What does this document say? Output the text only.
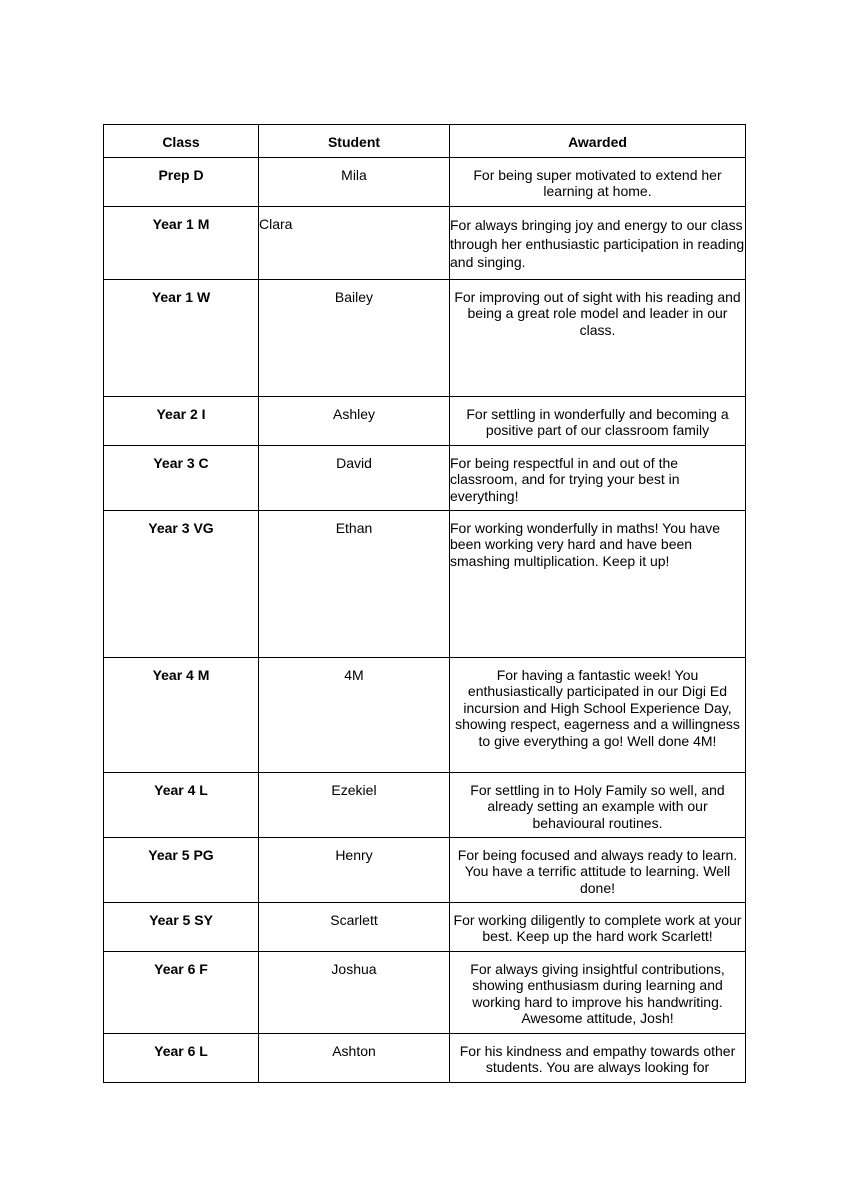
Class	Student	Awarded
Prep D	Mila	For being super motivated to extend her learning at home.
Year 1 M	Clara	For always bringing joy and energy to our class through her enthusiastic participation in reading and singing.
Year 1 W	Bailey	For improving out of sight with his reading and being a great role model and leader in our class.
Year 2 I	Ashley	For settling in wonderfully and becoming a positive part of our classroom family
Year 3 C	David	For being respectful in and out of the classroom, and for trying your best in everything!
Year 3 VG	Ethan	For working wonderfully in maths! You have been working very hard and have been smashing multiplication. Keep it up!
Year 4 M	4M	For having a fantastic week! You enthusiastically participated in our Digi Ed incursion and High School Experience Day, showing respect, eagerness and a willingness to give everything a go! Well done 4M!
Year 4 L	Ezekiel	For settling in to Holy Family so well, and already setting an example with our behavioural routines.
Year 5 PG	Henry	For being focused and always ready to learn. You have a terrific attitude to learning. Well done!
Year 5 SY	Scarlett	For working diligently to complete work at your best. Keep up the hard work Scarlett!
Year 6 F	Joshua	For always giving insightful contributions, showing enthusiasm during learning and working hard to improve his handwriting. Awesome attitude, Josh!
Year 6 L	Ashton	For his kindness and empathy towards other students. You are always looking for
